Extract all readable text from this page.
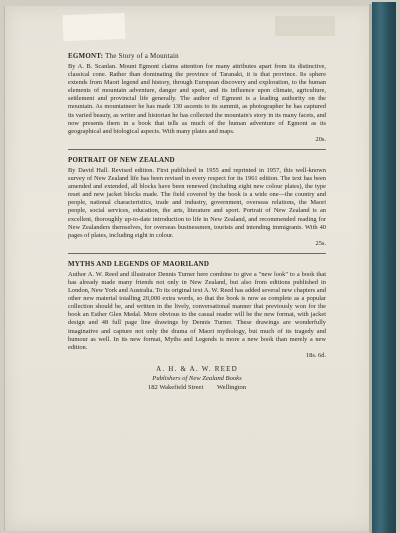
EGMONT: The Story of a Mountain

By A. B. Scanlan. Mount Egmont claims attention for many attributes apart from its distinctive, classical cone. Rather than dominating the province of Taranaki, it is that province. Its sphere extends from Maori legend and history, through European discovery and exploration, to the human elements of mountain adventure, danger and sport, and its influence upon climate, agriculture, settlement and provincial life generally. The author of Egmont is a leading authority on the mountain. As mountaineer he has made 130 ascents to its summit, as photographer he has captured its varied beauty, as writer and historian he has collected the mountain's story in its many facets, and now presents them in a book that tells as much of the human adventure of Egmont as its geographical and biological aspects. With many plates and maps.

20s.

PORTRAIT OF NEW ZEALAND

By David Hall. Revised edition. First published in 1955 and reprinted in 1957, this well-known survey of New Zealand life has been revised in every respect for its 1961 edition. The text has been amended and extended, all blocks have been renewed (including eight new colour plates), the type reset and new jacket blocks made. The field covered by the book is a wide one—the country and people, national characteristics, trade and industry, government, overseas relations, the Maori people, social services, education, the arts, literature and sport. Portrait of New Zealand is an excellent, thoroughly up-to-date introduction to life in New Zealand, and recommended reading for New Zealanders themselves, for overseas businessmen, tourists and intending immigrants. With 40 pages of plates, including eight in colour.

25s.

MYTHS AND LEGENDS OF MAORILAND

Author A. W. Reed and illustrator Dennis Turner here combine to give a "new look" to a book that has already made many friends not only in New Zealand, but also from editions published in London, New York and Australia. To its original text A. W. Reed has added several new chapters and other new material totalling 20,000 extra words, so that the book is now as complete as a popular collection should be, and written in the lively, conversational manner that previously won for the book an Esther Glen Medal. More obvious to the casual reader will be the new format, with jacket design and 48 full page line drawings by Dennis Turner. These drawings are wonderfully imaginative and capture not only the drama of Maori mythology, but much of its tragedy and humour as well. In its new format, Myths and Legends is more a new book than merely a new edition.

18s. 6d.

A. H. & A. W. REED
Publishers of New Zealand Books
182 Wakefield Street Wellington
